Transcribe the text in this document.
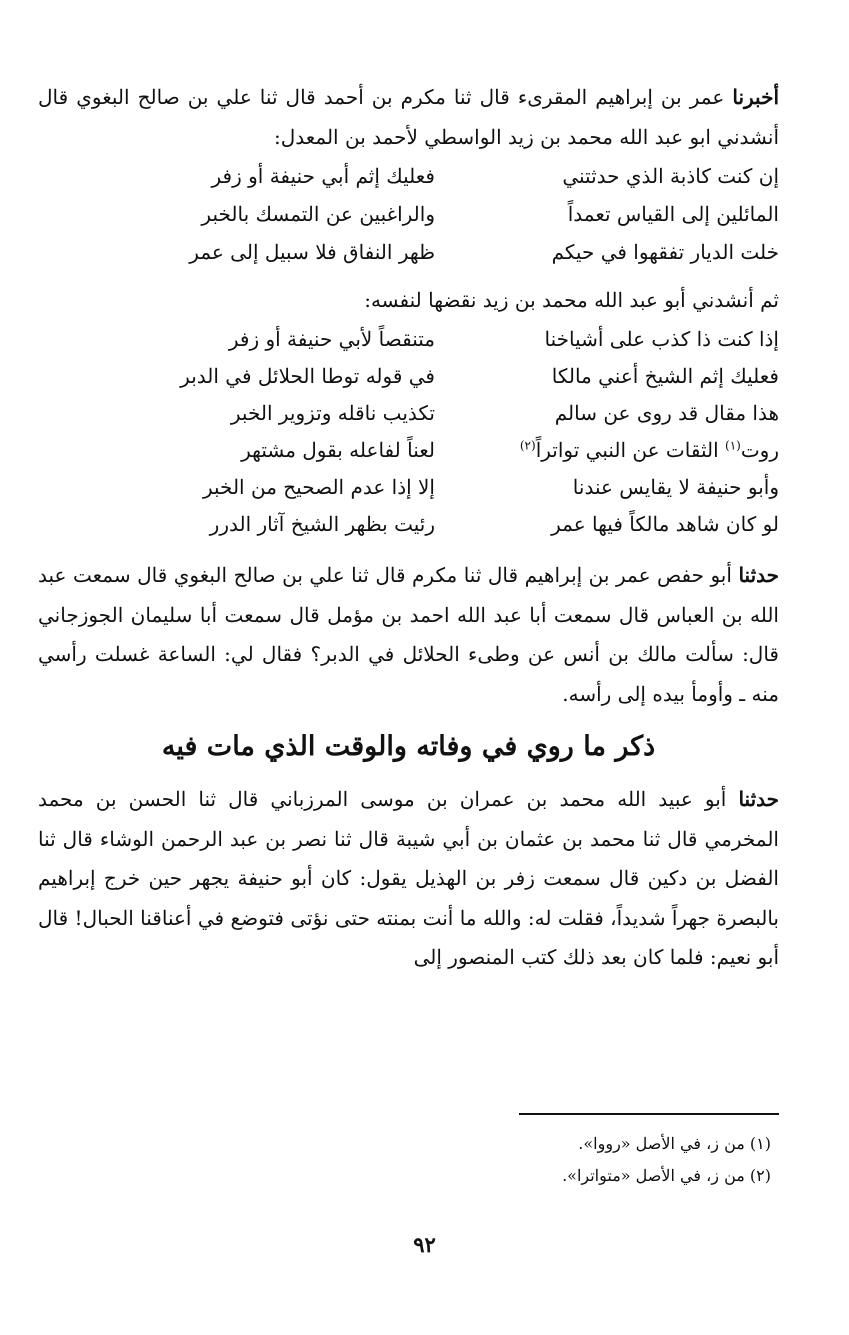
أخبرنا عمر بن إبراهيم المقرىء قال ثنا مكرم بن أحمد قال ثنا علي بن صالح البغوي قال أنشدني ابو عبد الله محمد بن زيد الواسطي لأحمد بن المعدل:

إن كنت كاذبة الذي حدثتني
فعليك إثم أبي حنيفة أو زفر
المائلين إلى القياس تعمداً
والراغبين عن التمسك بالخبر
خلت الديار تفقهوا في حيكم
ظهر النفاق فلا سبيل إلى عمر

ثم أنشدني أبو عبد الله محمد بن زيد نقضها لنفسه:

إذا كنت ذا كذب على أشياخنا
متنقصاً لأبي حنيفة أو زفر
فعليك إثم الشيخ أعني مالكا
في قوله توطا الحلائل في الدبر
هذا مقال قد روى عن سالم
تكذيب ناقله وتزوير الخبر
روت$^{(١)}$ الثقات عن النبي تواتراً$^{(٢)}$
لعناً لفاعله بقول مشتهر
وأبو حنيفة لا يقايس عندنا
إلا إذا عدم الصحيح من الخبر
لو كان شاهد مالكاً فيها عمر
رئيت بظهر الشيخ آثار الدرر

حدثنا أبو حفص عمر بن إبراهيم قال ثنا مكرم قال ثنا علي بن صالح البغوي قال سمعت عبد الله بن العباس قال سمعت أبا عبد الله احمد بن مؤمل قال سمعت أبا سليمان الجوزجاني قال: سألت مالك بن أنس عن وطىء الحلائل في الدبر؟ فقال لي: الساعة غسلت رأسي منه ـ وأومأ بيده إلى رأسه.

ذكر ما روي في وفاته والوقت الذي مات فيه

حدثنا أبو عبيد الله محمد بن عمران بن موسى المرزباني قال ثنا الحسن بن محمد المخرمي قال ثنا محمد بن عثمان بن أبي شيبة قال ثنا نصر بن عبد الرحمن الوشاء قال ثنا الفضل بن دكين قال سمعت زفر بن الهذيل يقول: كان أبو حنيفة يجهر حين خرج إبراهيم بالبصرة جهراً شديداً، فقلت له: والله ما أنت بمنته حتى نؤتى فتوضع في أعناقنا الحبال! قال أبو نعيم: فلما كان بعد ذلك كتب المنصور إلى

(١) من ز، في الأصل «رووا».
(٢) من ز، في الأصل «متواترا».
٩٢
